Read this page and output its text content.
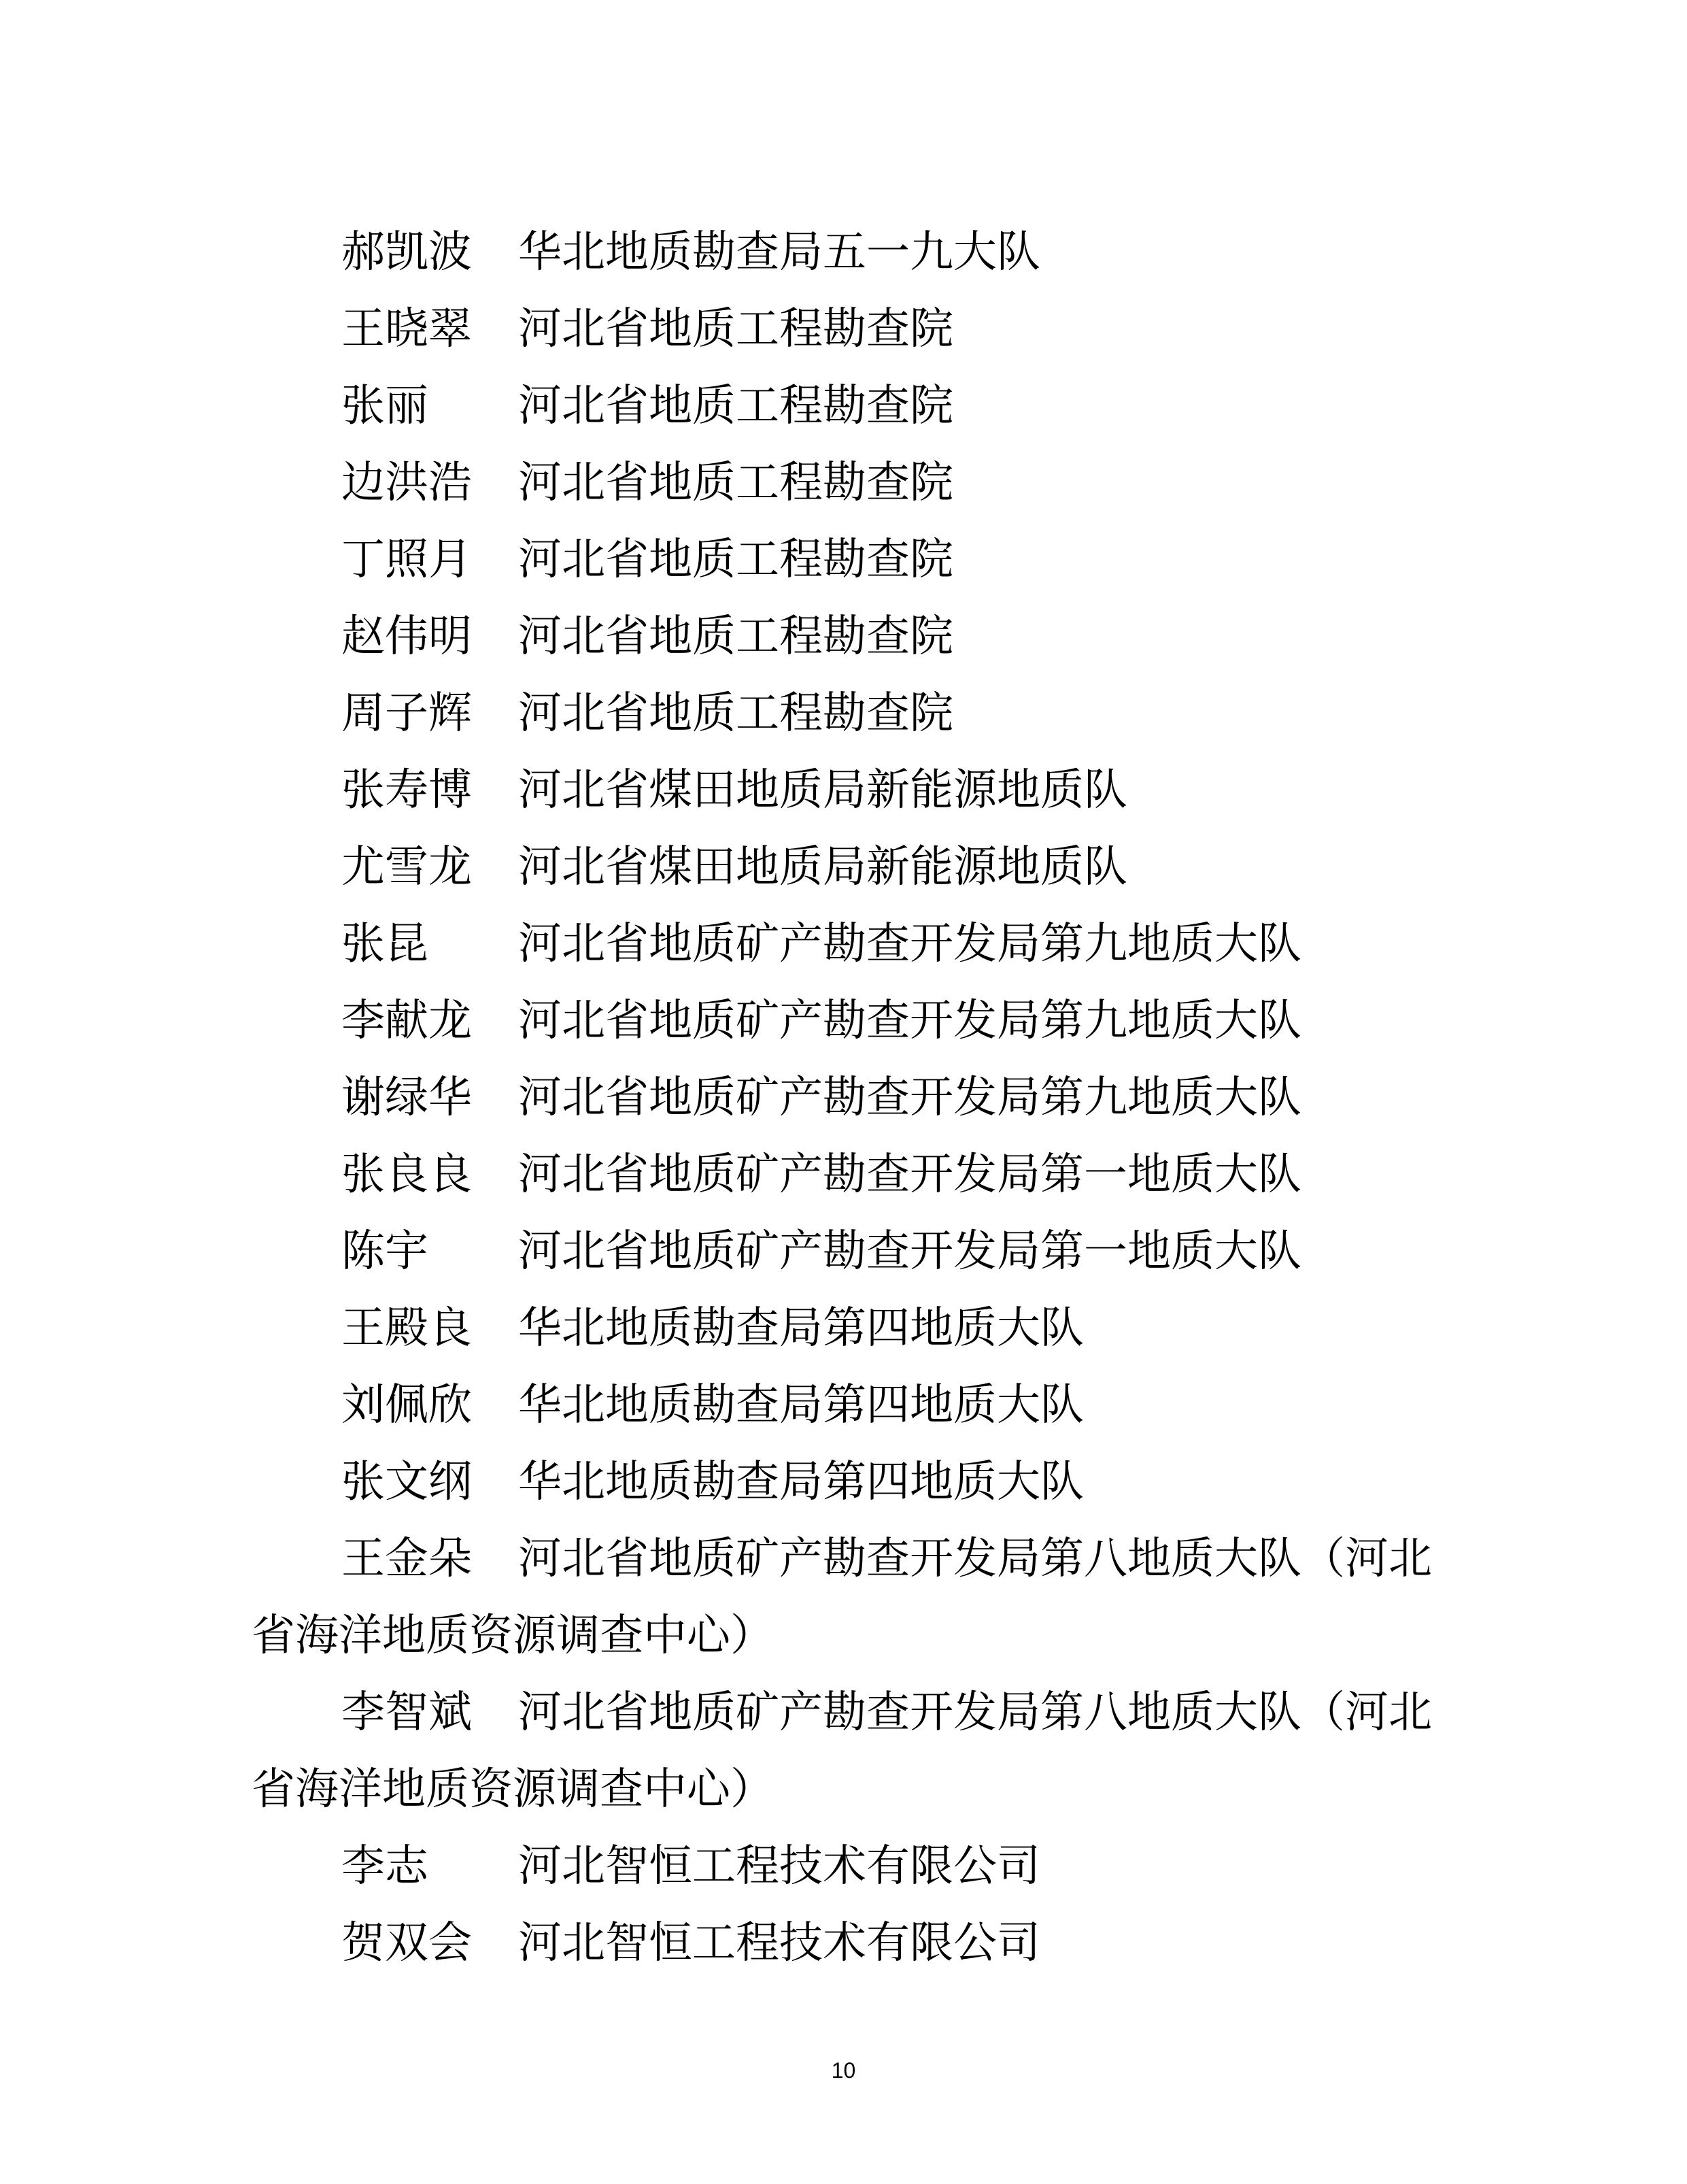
郝凯波 华北地质勘查局五一九大队

王晓翠 河北省地质工程勘查院

张丽 河北省地质工程勘查院

边洪浩 河北省地质工程勘查院

丁照月 河北省地质工程勘查院

赵伟明 河北省地质工程勘查院

周子辉 河北省地质工程勘查院

张寿博 河北省煤田地质局新能源地质队

尤雪龙 河北省煤田地质局新能源地质队

张昆 河北省地质矿产勘查开发局第九地质大队

李献龙 河北省地质矿产勘查开发局第九地质大队

谢绿华 河北省地质矿产勘查开发局第九地质大队

张良良 河北省地质矿产勘查开发局第一地质大队

陈宇 河北省地质矿产勘查开发局第一地质大队

王殿良 华北地质勘查局第四地质大队

刘佩欣 华北地质勘查局第四地质大队

张文纲 华北地质勘查局第四地质大队

王金朵 河北省地质矿产勘查开发局第八地质大队（河北省海洋地质资源调查中心）

李智斌 河北省地质矿产勘查开发局第八地质大队（河北省海洋地质资源调查中心）

李志 河北智恒工程技术有限公司

贺双会 河北智恒工程技术有限公司

10
